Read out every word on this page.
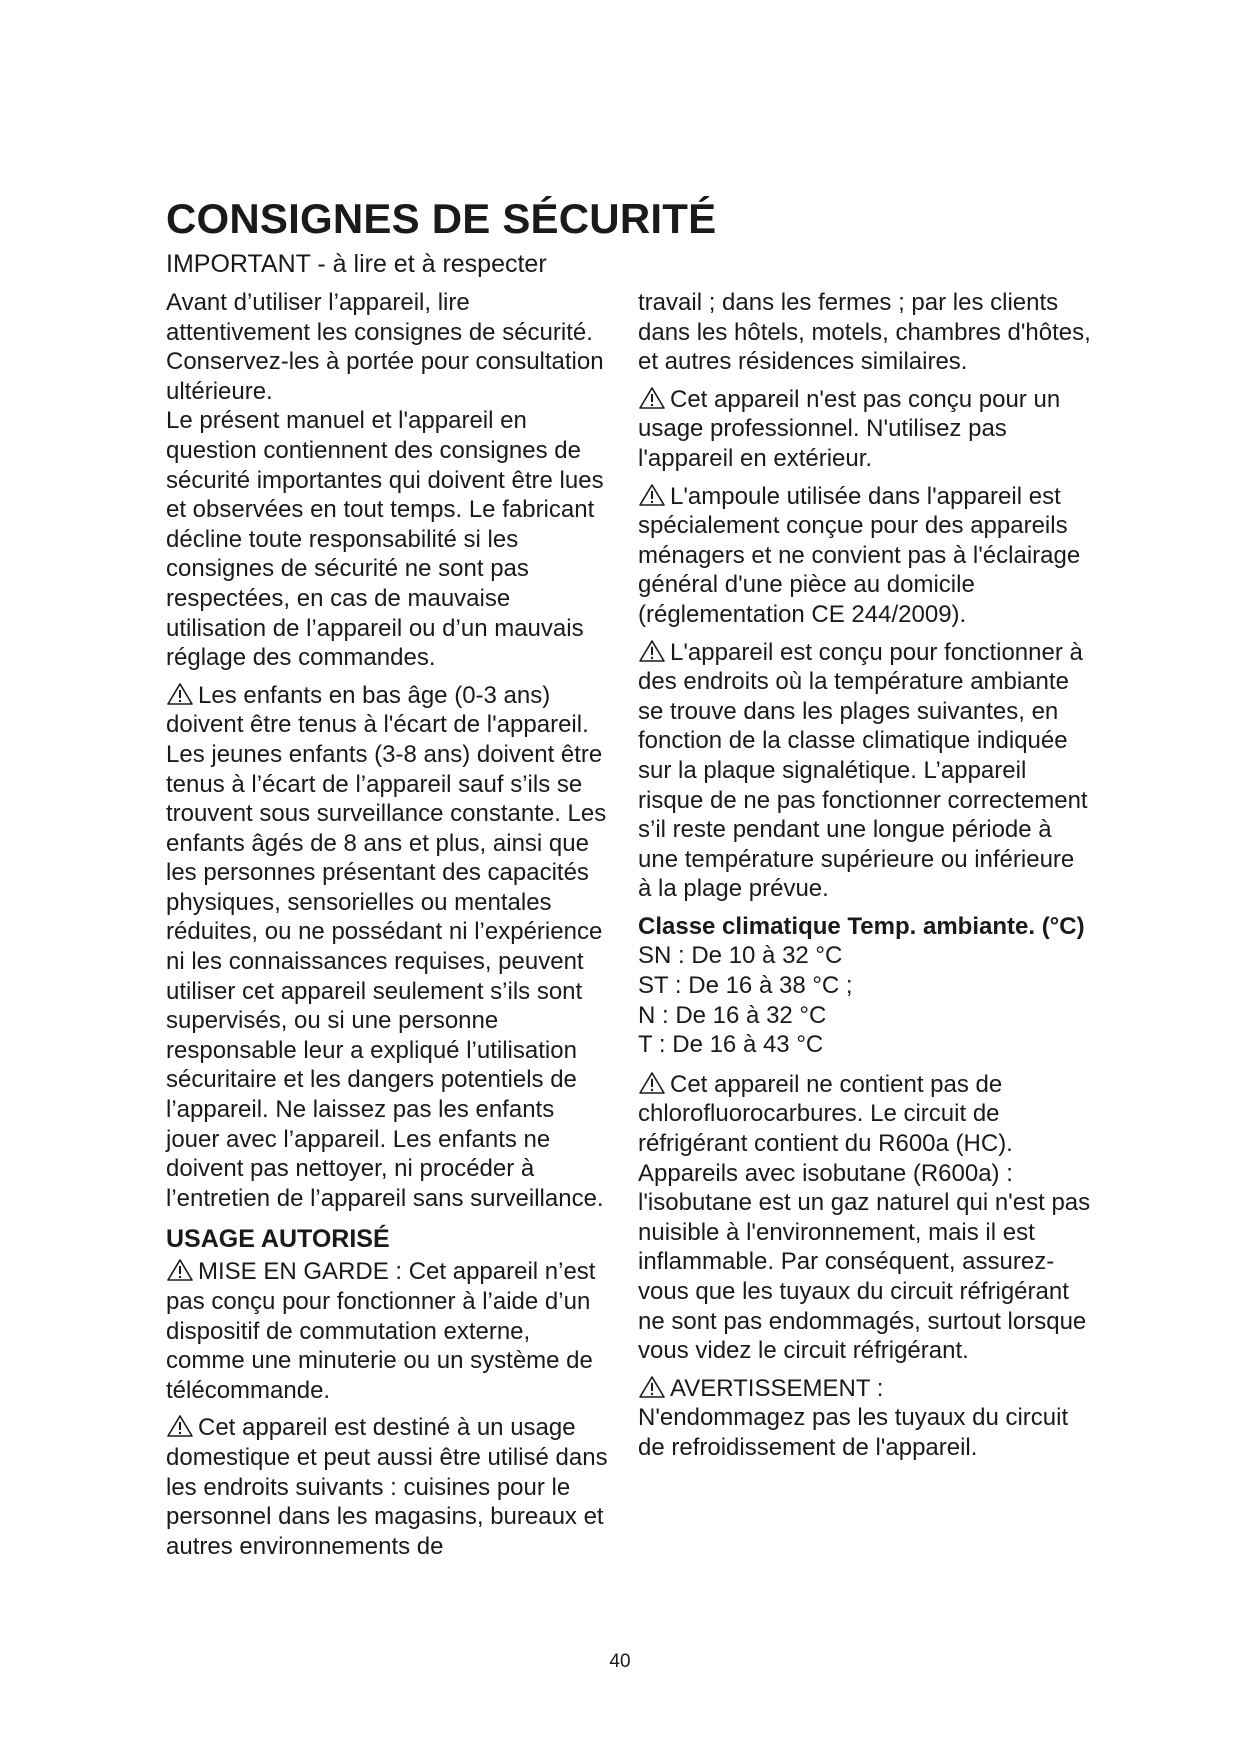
CONSIGNES DE SÉCURITÉ
IMPORTANT - à lire et à respecter

Avant d’utiliser l’appareil, lire attentivement les consignes de sécurité. Conservez-les à portée pour consultation ultérieure.

Le présent manuel et l'appareil en question contiennent des consignes de sécurité importantes qui doivent être lues et observées en tout temps. Le fabricant décline toute responsabilité si les consignes de sécurité ne sont pas respectées, en cas de mauvaise utilisation de l’appareil ou d’un mauvais réglage des commandes.

Les enfants en bas âge (0-3 ans) doivent être tenus à l'écart de l'appareil. Les jeunes enfants (3-8 ans) doivent être tenus à l’écart de l’appareil sauf s’ils se trouvent sous surveillance constante. Les enfants âgés de 8 ans et plus, ainsi que les personnes présentant des capacités physiques, sensorielles ou mentales réduites, ou ne possédant ni l’expérience ni les connaissances requises, peuvent utiliser cet appareil seulement s’ils sont supervisés, ou si une personne responsable leur a expliqué l’utilisation sécuritaire et les dangers potentiels de l’appareil. Ne laissez pas les enfants jouer avec l’appareil. Les enfants ne doivent pas nettoyer, ni procéder à l’entretien de l’appareil sans surveillance.

USAGE AUTORISÉ

MISE EN GARDE : Cet appareil n’est pas conçu pour fonctionner à l’aide d’un dispositif de commutation externe, comme une minuterie ou un système de télécommande.

Cet appareil est destiné à un usage domestique et peut aussi être utilisé dans les endroits suivants : cuisines pour le personnel dans les magasins, bureaux et autres environnements de

travail ; dans les fermes ; par les clients dans les hôtels, motels, chambres d'hôtes, et autres résidences similaires.

Cet appareil n'est pas conçu pour un usage professionnel. N'utilisez pas l'appareil en extérieur.

L'ampoule utilisée dans l'appareil est spécialement conçue pour des appareils ménagers et ne convient pas à l'éclairage général d'une pièce au domicile (réglementation CE 244/2009).

L'appareil est conçu pour fonctionner à des endroits où la température ambiante se trouve dans les plages suivantes, en fonction de la classe climatique indiquée sur la plaque signalétique. L’appareil risque de ne pas fonctionner correctement s’il reste pendant une longue période à une température supérieure ou inférieure à la plage prévue.

Classe climatique Temp. ambiante. (°C)
SN : De 10 à 32 °C
ST : De 16 à 38 °C ;
N : De 16 à 32 °C
T : De 16 à 43 °C

Cet appareil ne contient pas de chlorofluorocarbures. Le circuit de réfrigérant contient du R600a (HC).

Appareils avec isobutane (R600a) : l'isobutane est un gaz naturel qui n'est pas nuisible à l'environnement, mais il est inflammable. Par conséquent, assurez-vous que les tuyaux du circuit réfrigérant ne sont pas endommagés, surtout lorsque vous videz le circuit réfrigérant.

AVERTISSEMENT :

N'endommagez pas les tuyaux du circuit de refroidissement de l'appareil.

40
